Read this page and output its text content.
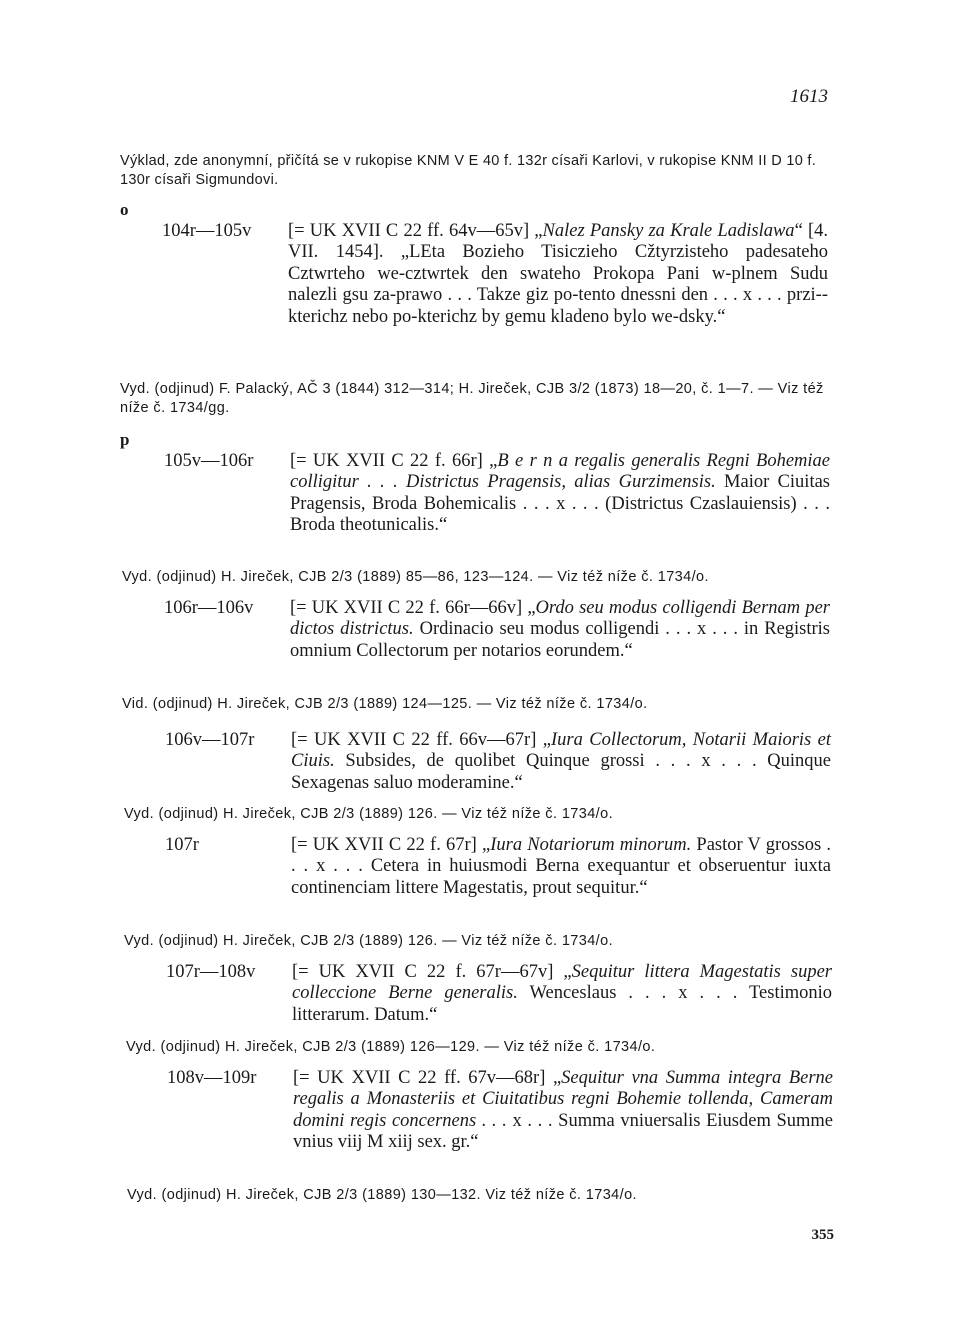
1613
Výklad, zde anonymní, přičítá se v rukopise KNM V E 40 f. 132r císaři Karlovi, v rukopise KNM II D 10 f. 130r císaři Sigmundovi.
o
104r—105v [= UK XVII C 22 ff. 64v—65v] „Nalez Pansky za Krale Ladislawa“ [4. VII. 1454]. „LEta Bozieho Tisiczieho Cžtyrzisteho padesateho Cztwrteho we-cztwrtek den swateho Prokopa Pani w-plnem Sudu nalezli gsu za-prawo . . . Takze giz po-tento dnessni den . . . x . . . przi--kterichz nebo po-kterichz by gemu kladeno bylo we-dsky.“
Vyd. (odjinud) F. Palacký, AČ 3 (1844) 312—314; H. Jireček, CJB 3/2 (1873) 18—20, č. 1—7. — Viz též níže č. 1734/gg.
p
105v—106r [= UK XVII C 22 f. 66r] „B e r n a regalis generalis Regni Bohemiae colligitur . . . Districtus Pragensis, alias Gurzimensis. Maior Ciuitas Pragensis, Broda Bohemicalis . . . x . . . (Districtus Czaslauiensis) . . . Broda theotunicalis.“
Vyd. (odjinud) H. Jireček, CJB 2/3 (1889) 85—86, 123—124. — Viz též níže č. 1734/o.
106r—106v [= UK XVII C 22 f. 66r—66v] „Ordo seu modus colligendi Bernam per dictos districtus. Ordinacio seu modus colligendi . . . x . . . in Registris omnium Collectorum per notarios eorundem.“
Vid. (odjinud) H. Jireček, CJB 2/3 (1889) 124—125. — Viz též níže č. 1734/o.
106v—107r [= UK XVII C 22 ff. 66v—67r] „Iura Collectorum, Notarii Maioris et Ciuis. Subsides, de quolibet Quinque grossi . . . x . . . Quinque Sexagenas saluo moderamine.“
Vyd. (odjinud) H. Jireček, CJB 2/3 (1889) 126. — Viz též níže č. 1734/o.
107r	[= UK XVII C 22 f. 67r] „Iura Notariorum minorum. Pastor V grossos . . . x . . . Cetera in huiusmodi Berna exequantur et obseruentur iuxta continenciam littere Magestatis, prout sequitur.“
Vyd. (odjinud) H. Jireček, CJB 2/3 (1889) 126. — Viz též níže č. 1734/o.
107r—108v [= UK XVII C 22 f. 67r—67v] „Sequitur littera Magestatis super colleccione Berne generalis. Wenceslaus . . . x . . . Testimonio litterarum. Datum.“
Vyd. (odjinud) H. Jireček, CJB 2/3 (1889) 126—129. — Viz též níže č. 1734/o.
108v—109r [= UK XVII C 22 ff. 67v—68r] „Sequitur vna Summa integra Berne regalis a Monasteriis et Ciuitatibus regni Bohemie tollenda, Cameram domini regis concernens . . . x . . . Summa vniuersalis Eiusdem Summe vnius viij M xiij sex. gr.“
Vyd. (odjinud) H. Jireček, CJB 2/3 (1889) 130—132. Viz též níže č. 1734/o.
355
